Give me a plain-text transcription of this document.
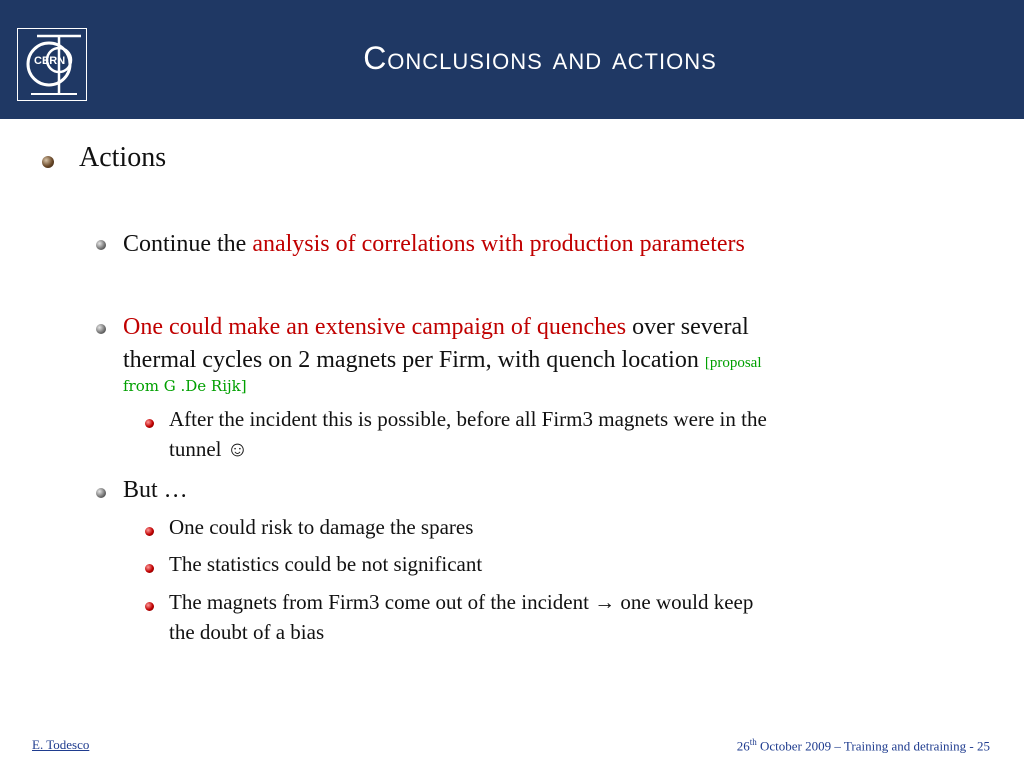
CERN	Conclusions and actions
Actions
Continue the analysis of correlations with production parameters
One could make an extensive campaign of quenches over several
thermal cycles on 2 magnets per Firm, with quench location [proposal
from G .De Rijk]
After the incident this is possible, before all Firm3 magnets were in the
tunnel ☺
But …
One could risk to damage the spares
The statistics could be not significant
The magnets from Firm3 come out of the incident → one would keep
the doubt of a bias
E. Todesco	26th October 2009 – Training and detraining - 25
